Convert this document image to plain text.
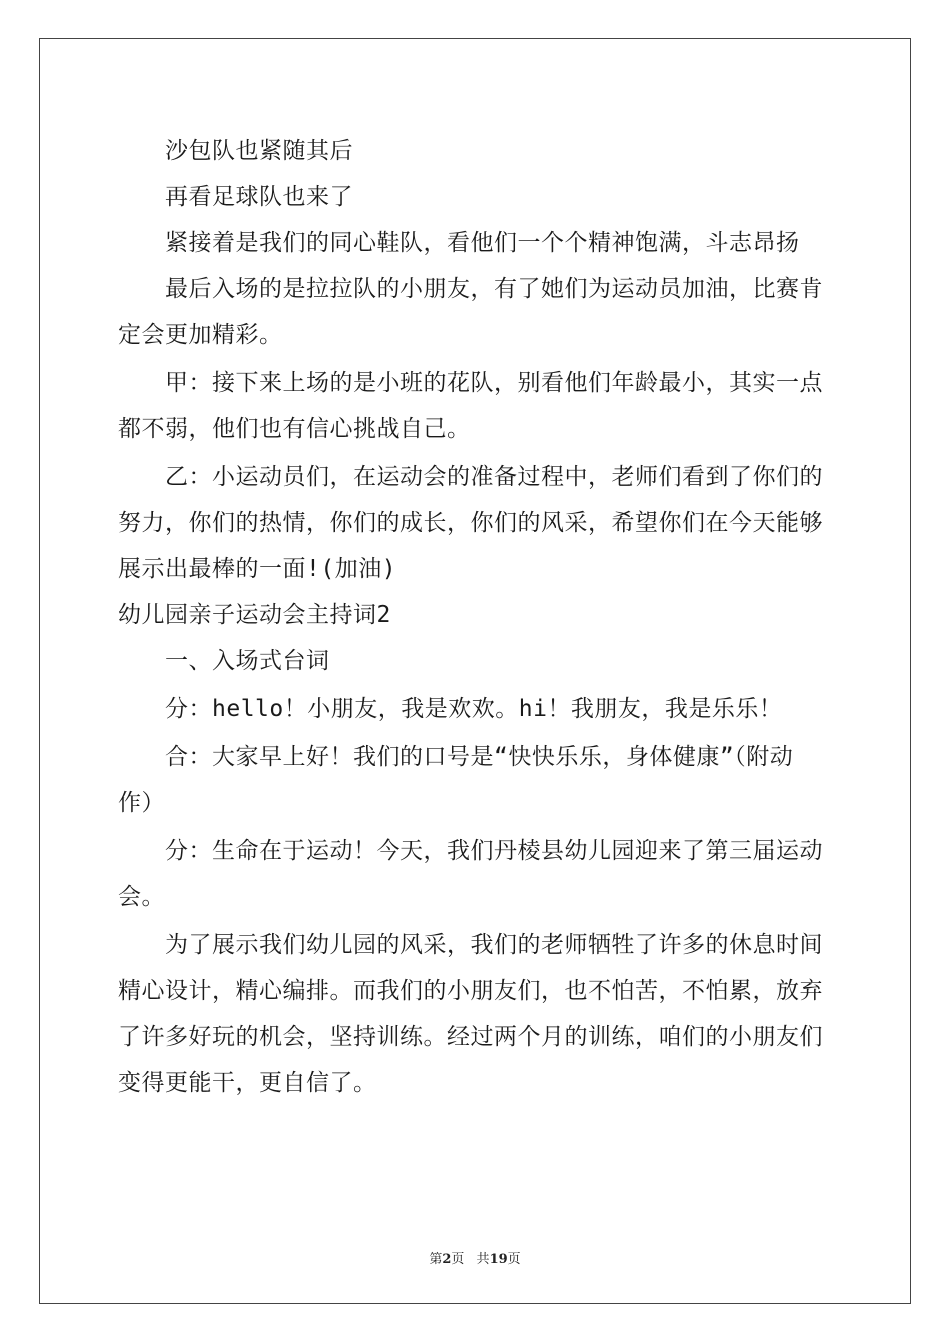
沙包队也紧随其后

再看足球队也来了

紧接着是我们的同心鞋队，看他们一个个精神饱满，斗志昂扬

最后入场的是拉拉队的小朋友，有了她们为运动员加油，比赛肯

定会更加精彩。

甲：接下来上场的是小班的花队，别看他们年龄最小，其实一点

都不弱，他们也有信心挑战自己。

乙：小运动员们，在运动会的准备过程中，老师们看到了你们的

努力，你们的热情，你们的成长，你们的风采，希望你们在今天能够

展示出最棒的一面!(加油)

幼儿园亲子运动会主持词2

一、入场式台词

分：hello！小朋友，我是欢欢。hi！我朋友，我是乐乐！

合：大家早上好！我们的口号是“快快乐乐，身体健康”（附动

作）

分：生命在于运动！今天，我们丹棱县幼儿园迎来了第三届运动

会。

为了展示我们幼儿园的风采，我们的老师牺牲了许多的休息时间

精心设计，精心编排。而我们的小朋友们，也不怕苦，不怕累，放弃

了许多好玩的机会，坚持训练。经过两个月的训练，咱们的小朋友们

变得更能干，更自信了。

第2页 共19页
